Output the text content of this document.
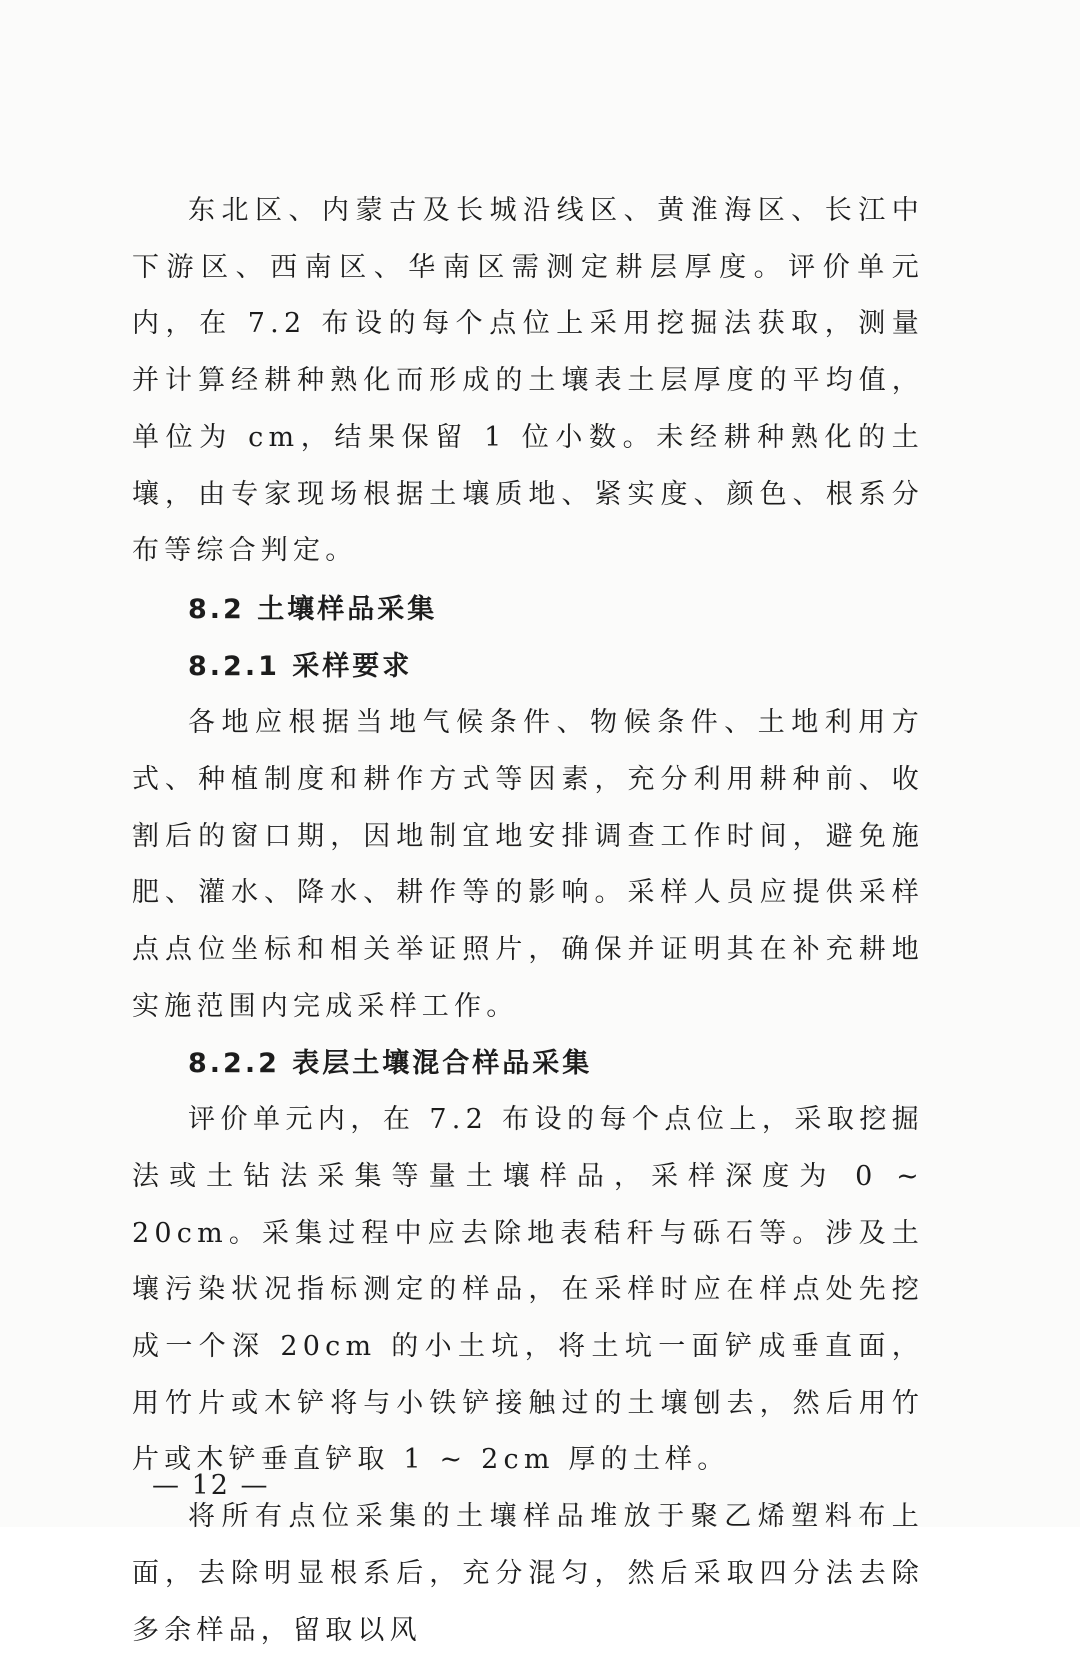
东北区、内蒙古及长城沿线区、黄淮海区、长江中下游区、西南区、华南区需测定耕层厚度。评价单元内，在 7.2 布设的每个点位上采用挖掘法获取，测量并计算经耕种熟化而形成的土壤表土层厚度的平均值，单位为 cm，结果保留 1 位小数。未经耕种熟化的土壤，由专家现场根据土壤质地、紧实度、颜色、根系分布等综合判定。

8.2 土壤样品采集

8.2.1 采样要求

各地应根据当地气候条件、物候条件、土地利用方式、种植制度和耕作方式等因素，充分利用耕种前、收割后的窗口期，因地制宜地安排调查工作时间，避免施肥、灌水、降水、耕作等的影响。采样人员应提供采样点点位坐标和相关举证照片，确保并证明其在补充耕地实施范围内完成采样工作。

8.2.2 表层土壤混合样品采集

评价单元内，在 7.2 布设的每个点位上，采取挖掘法或土钻法采集等量土壤样品，采样深度为 0 ~ 20cm。采集过程中应去除地表秸秆与砾石等。涉及土壤污染状况指标测定的样品，在采样时应在样点处先挖成一个深 20cm 的小土坑，将土坑一面铲成垂直面，用竹片或木铲将与小铁铲接触过的土壤刨去，然后用竹片或木铲垂直铲取 1 ~ 2cm 厚的土样。

将所有点位采集的土壤样品堆放于聚乙烯塑料布上面，去除明显根系后，充分混匀，然后采取四分法去除多余样品，留取以风

— 12 —
